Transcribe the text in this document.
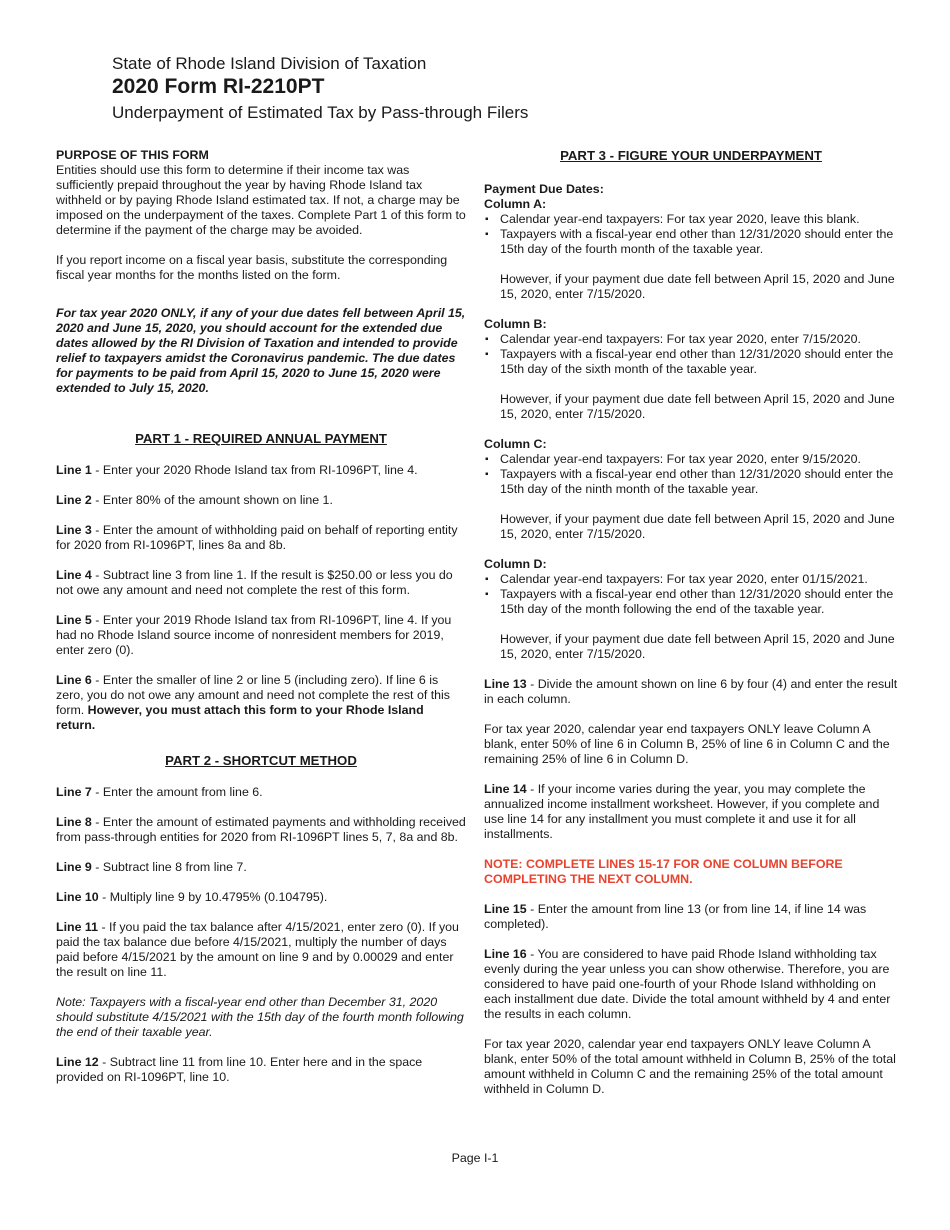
State of Rhode Island Division of Taxation

2020 Form RI-2210PT

Underpayment of Estimated Tax by Pass-through Filers

PURPOSE OF THIS FORM

Entities should use this form to determine if their income tax was sufficiently prepaid throughout the year by having Rhode Island tax withheld or by paying Rhode Island estimated tax. If not, a charge may be imposed on the underpayment of the taxes. Complete Part 1 of this form to determine if the payment of the charge may be avoided.

If you report income on a fiscal year basis, substitute the corresponding fiscal year months for the months listed on the form.

For tax year 2020 ONLY, if any of your due dates fell between April 15, 2020 and June 15, 2020, you should account for the extended due dates allowed by the RI Division of Taxation and intended to provide relief to taxpayers amidst the Coronavirus pandemic. The due dates for payments to be paid from April 15, 2020 to June 15, 2020 were extended to July 15, 2020.

PART 1 - REQUIRED ANNUAL PAYMENT

Line 1 - Enter your 2020 Rhode Island tax from RI-1096PT, line 4.

Line 2 - Enter 80% of the amount shown on line 1.

Line 3 - Enter the amount of withholding paid on behalf of reporting entity for 2020 from RI-1096PT, lines 8a and 8b.

Line 4 - Subtract line 3 from line 1. If the result is $250.00 or less you do not owe any amount and need not complete the rest of this form.

Line 5 - Enter your 2019 Rhode Island tax from RI-1096PT, line 4. If you had no Rhode Island source income of nonresident members for 2019, enter zero (0).

Line 6 - Enter the smaller of line 2 or line 5 (including zero). If line 6 is zero, you do not owe any amount and need not complete the rest of this form. However, you must attach this form to your Rhode Island return.

PART 2 - SHORTCUT METHOD

Line 7 - Enter the amount from line 6.

Line 8 - Enter the amount of estimated payments and withholding received from pass-through entities for 2020 from RI-1096PT lines 5, 7, 8a and 8b.

Line 9 - Subtract line 8 from line 7.

Line 10 - Multiply line 9 by 10.4795% (0.104795).

Line 11 - If you paid the tax balance after 4/15/2021, enter zero (0). If you paid the tax balance due before 4/15/2021, multiply the number of days paid before 4/15/2021 by the amount on line 9 and by 0.00029 and enter the result on line 11.

Note: Taxpayers with a fiscal-year end other than December 31, 2020 should substitute 4/15/2021 with the 15th day of the fourth month following the end of their taxable year.

Line 12 - Subtract line 11 from line 10. Enter here and in the space provided on RI-1096PT, line 10.

PART 3 - FIGURE YOUR UNDERPAYMENT

Payment Due Dates:

Column A:

▪ Calendar year-end taxpayers: For tax year 2020, leave this blank.
▪ Taxpayers with a fiscal-year end other than 12/31/2020 should enter the 15th day of the fourth month of the taxable year.

However, if your payment due date fell between April 15, 2020 and June 15, 2020, enter 7/15/2020.

Column B:

▪ Calendar year-end taxpayers: For tax year 2020, enter 7/15/2020.
▪ Taxpayers with a fiscal-year end other than 12/31/2020 should enter the 15th day of the sixth month of the taxable year.

However, if your payment due date fell between April 15, 2020 and June 15, 2020, enter 7/15/2020.

Column C:

▪ Calendar year-end taxpayers: For tax year 2020, enter 9/15/2020.
▪ Taxpayers with a fiscal-year end other than 12/31/2020 should enter the 15th day of the ninth month of the taxable year.

However, if your payment due date fell between April 15, 2020 and June 15, 2020, enter 7/15/2020.

Column D:

▪ Calendar year-end taxpayers: For tax year 2020, enter 01/15/2021.
▪ Taxpayers with a fiscal-year end other than 12/31/2020 should enter the 15th day of the month following the end of the taxable year.

However, if your payment due date fell between April 15, 2020 and June 15, 2020, enter 7/15/2020.

Line 13 - Divide the amount shown on line 6 by four (4) and enter the result in each column.

For tax year 2020, calendar year end taxpayers ONLY leave Column A blank, enter 50% of line 6 in Column B, 25% of line 6 in Column C and the remaining 25% of line 6 in Column D.

Line 14 - If your income varies during the year, you may complete the annualized income installment worksheet. However, if you complete and use line 14 for any installment you must complete it and use it for all installments.

NOTE: COMPLETE LINES 15-17 FOR ONE COLUMN BEFORE COMPLETING THE NEXT COLUMN.

Line 15 - Enter the amount from line 13 (or from line 14, if line 14 was completed).

Line 16 - You are considered to have paid Rhode Island withholding tax evenly during the year unless you can show otherwise. Therefore, you are considered to have paid one-fourth of your Rhode Island withholding on each installment due date. Divide the total amount withheld by 4 and enter the results in each column.

For tax year 2020, calendar year end taxpayers ONLY leave Column A blank, enter 50% of the total amount withheld in Column B, 25% of the total amount withheld in Column C and the remaining 25% of the total amount withheld in Column D.

Page I-1
